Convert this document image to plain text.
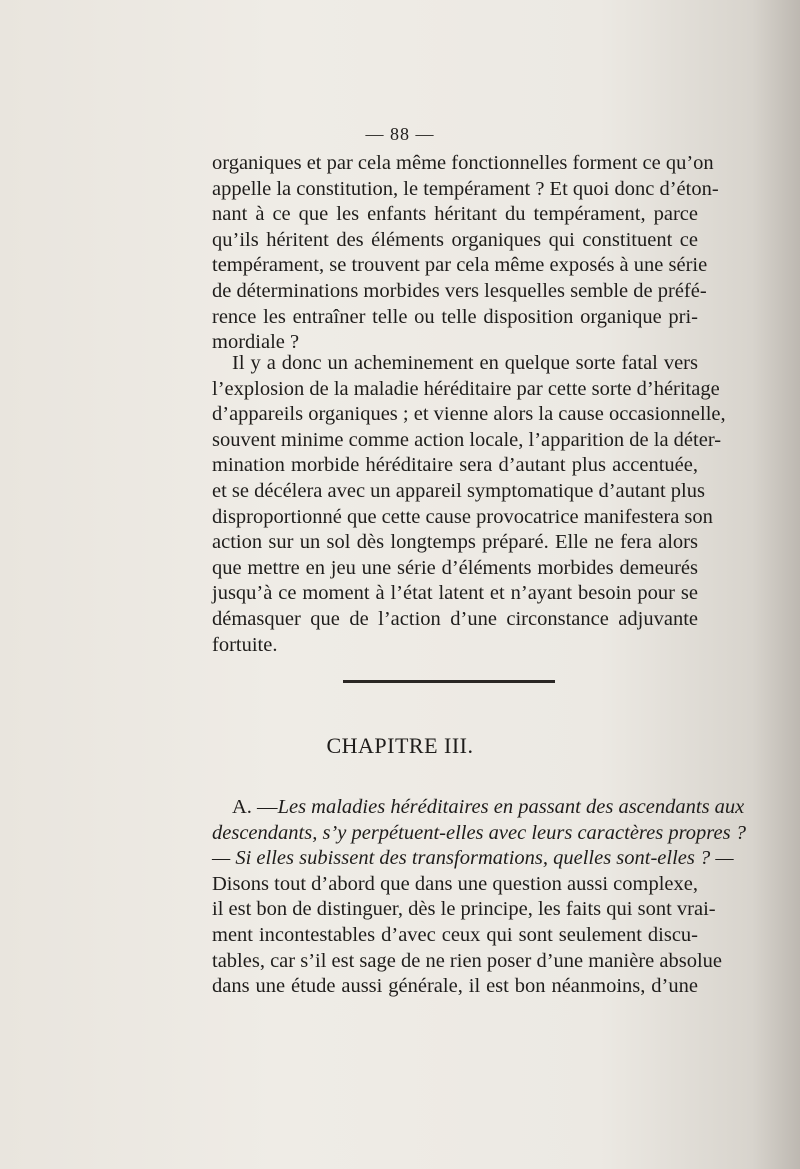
— 88 —
organiques et par cela même fonctionnelles forment ce qu’on
appelle la constitution, le tempérament ? Et quoi donc d’éton-
nant à ce que les enfants héritant du tempérament, parce
qu’ils héritent des éléments organiques qui constituent ce
tempérament, se trouvent par cela même exposés à une série
de déterminations morbides vers lesquelles semble de préfé-
rence les entraîner telle ou telle disposition organique pri-
mordiale ?
Il y a donc un acheminement en quelque sorte fatal vers
l’explosion de la maladie héréditaire par cette sorte d’héritage
d’appareils organiques ; et vienne alors la cause occasionnelle,
souvent minime comme action locale, l’apparition de la déter-
mination morbide héréditaire sera d’autant plus accentuée,
et se décélera avec un appareil symptomatique d’autant plus
disproportionné que cette cause provocatrice manifestera son
action sur un sol dès longtemps préparé. Elle ne fera alors
que mettre en jeu une série d’éléments morbides demeurés
jusqu’à ce moment à l’état latent et n’ayant besoin pour se
démasquer que de l’action d’une circonstance adjuvante
fortuite.
CHAPITRE III.
A. —Les maladies héréditaires en passant des ascendants aux
descendants, s’y perpétuent-elles avec leurs caractères propres ?
— Si elles subissent des transformations, quelles sont-elles ? —
Disons tout d’abord que dans une question aussi complexe,
il est bon de distinguer, dès le principe, les faits qui sont vrai-
ment incontestables d’avec ceux qui sont seulement discu-
tables, car s’il est sage de ne rien poser d’une manière absolue
dans une étude aussi générale, il est bon néanmoins, d’une
